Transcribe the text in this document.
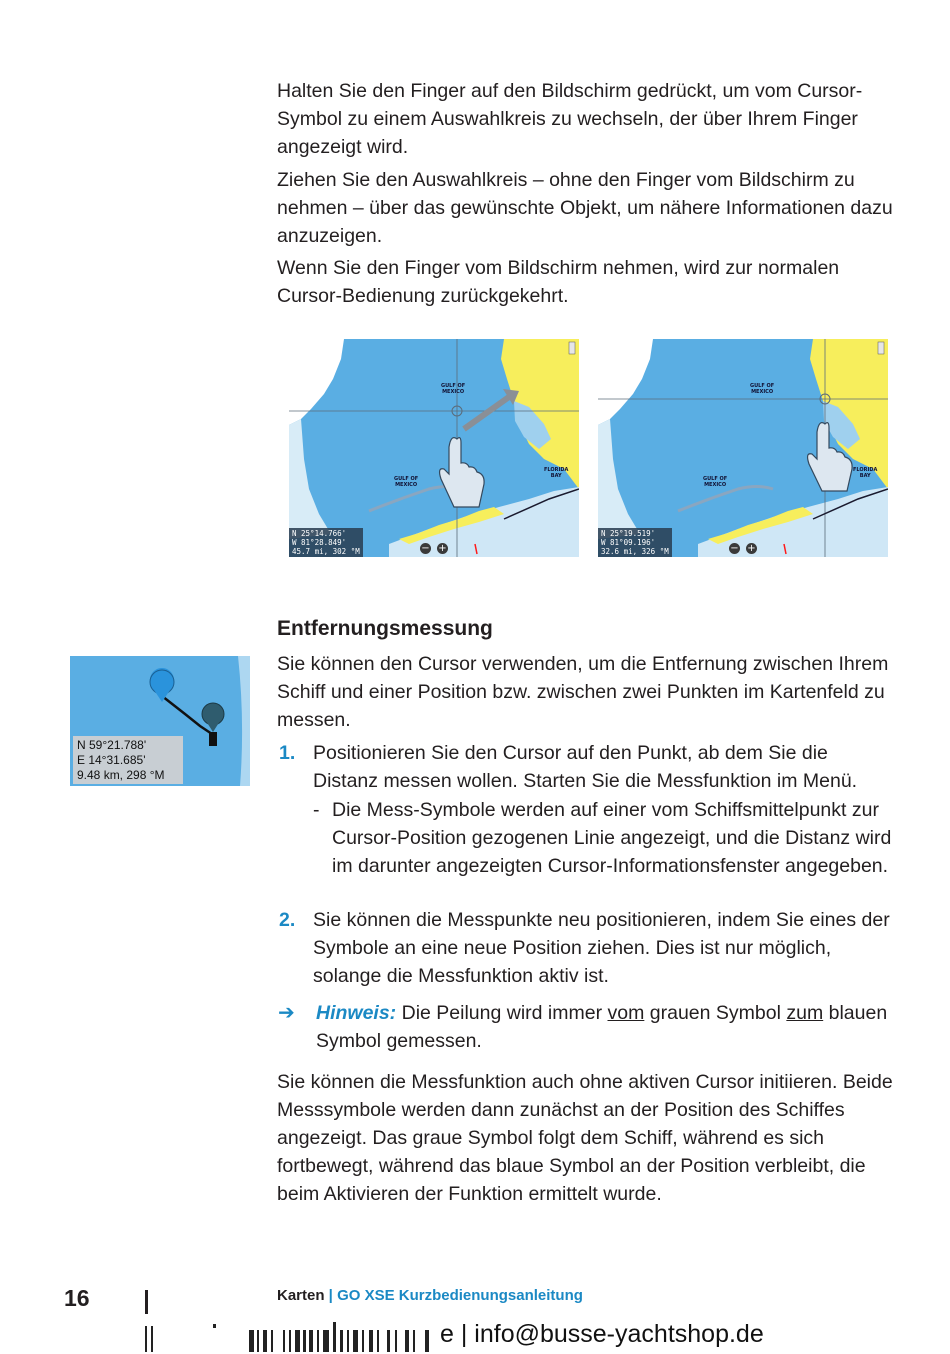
Halten Sie den Finger auf den Bildschirm gedrückt, um vom Cursor-Symbol zu einem Auswahlkreis zu wechseln, der über Ihrem Finger angezeigt wird.

Ziehen Sie den Auswahlkreis – ohne den Finger vom Bildschirm zu nehmen – über das gewünschte Objekt, um nähere Informationen dazu anzuzeigen.

Wenn Sie den Finger vom Bildschirm nehmen, wird zur normalen Cursor-Bedienung zurückgekehrt.

GULF OF
MEXICO
GULF OF
MEXICO
FLORIDA
BAY
N 25°14.766'
W 81°28.849'
45.7 mi, 302 °M	− +
GULF OF
MEXICO
GULF OF
MEXICO
FLORIDA
BAY
N 25°19.519'
W 81°09.196'
32.6 mi, 326 °M	− +
N 59°21.788'
E 14°31.685'
9.48 km, 298 °M
Entfernungsmessung

Sie können den Cursor verwenden, um die Entfernung zwischen Ihrem Schiff und einer Position bzw. zwischen zwei Punkten im Kartenfeld zu messen.

1. Positionieren Sie den Cursor auf den Punkt, ab dem Sie die Distanz messen wollen. Starten Sie die Messfunktion im Menü.

- Die Mess-Symbole werden auf einer vom Schiffsmittelpunkt zur Cursor-Position gezogenen Linie angezeigt, und die Distanz wird im darunter angezeigten Cursor-Informationsfenster angegeben.

2. Sie können die Messpunkte neu positionieren, indem Sie eines der Symbole an eine neue Position ziehen. Dies ist nur möglich, solange die Messfunktion aktiv ist.

➔ Hinweis: Die Peilung wird immer vom grauen Symbol zum blauen Symbol gemessen.

Sie können die Messfunktion auch ohne aktiven Cursor initiieren. Beide Messsymbole werden dann zunächst an der Position des Schiffes angezeigt. Das graue Symbol folgt dem Schiff, während es sich fortbewegt, während das blaue Symbol an der Position verbleibt, die beim Aktivieren der Funktion ermittelt wurde.

16	Karten | GO XSE Kurzbedienungsanleitung
e | info@busse-yachtshop.de
